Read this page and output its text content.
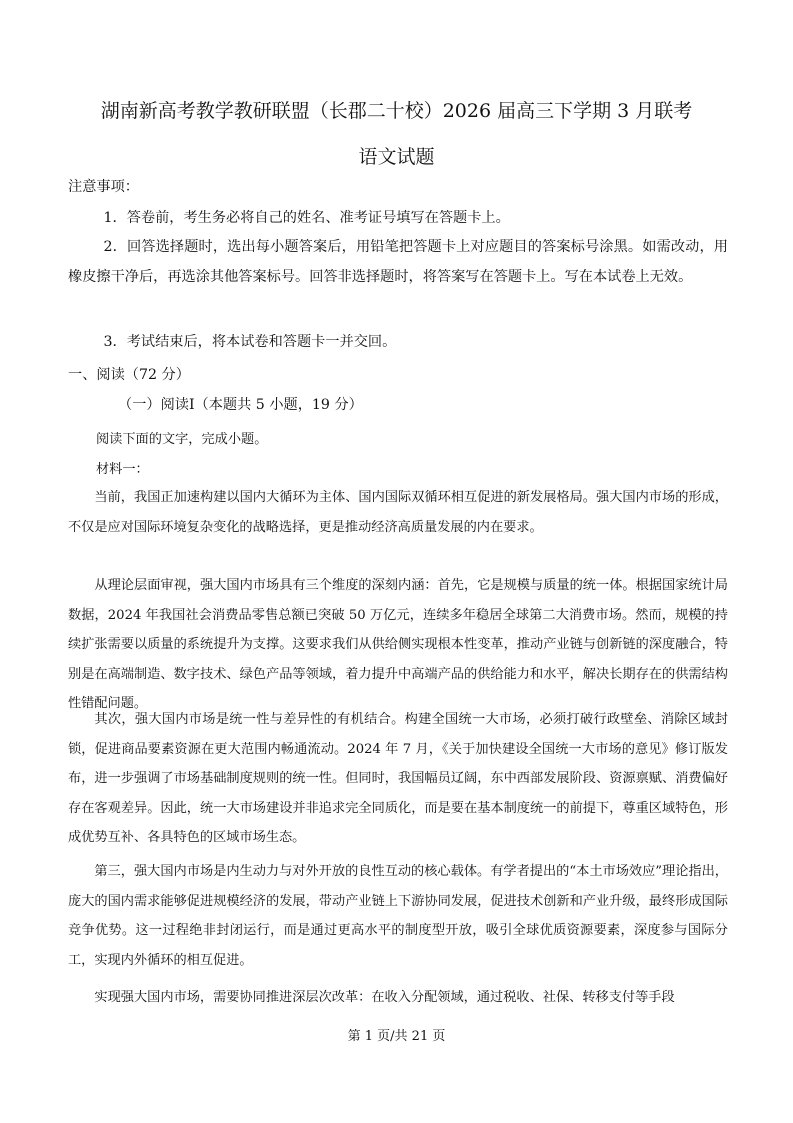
湖南新高考教学教研联盟（长郡二十校）2026 届高三下学期 3 月联考
语文试题
注意事项：
1．答卷前，考生务必将自己的姓名、准考证号填写在答题卡上。
2．回答选择题时，选出每小题答案后，用铅笔把答题卡上对应题目的答案标号涂黑。如需改动，用橡皮擦干净后，再选涂其他答案标号。回答非选择题时，将答案写在答题卡上。写在本试卷上无效。
3．考试结束后，将本试卷和答题卡一并交回。
一、阅读（72 分）
（一）阅读Ⅰ（本题共 5 小题，19 分）
阅读下面的文字，完成小题。
材料一：
当前，我国正加速构建以国内大循环为主体、国内国际双循环相互促进的新发展格局。强大国内市场的形成，不仅是应对国际环境复杂变化的战略选择，更是推动经济高质量发展的内在要求。
从理论层面审视，强大国内市场具有三个维度的深刻内涵：首先，它是规模与质量的统一体。根据国家统计局数据，2024 年我国社会消费品零售总额已突破 50 万亿元，连续多年稳居全球第二大消费市场。然而，规模的持续扩张需要以质量的系统提升为支撑。这要求我们从供给侧实现根本性变革，推动产业链与创新链的深度融合，特别是在高端制造、数字技术、绿色产品等领域，着力提升中高端产品的供给能力和水平，解决长期存在的供需结构性错配问题。
其次，强大国内市场是统一性与差异性的有机结合。构建全国统一大市场，必须打破行政壁垒、消除区域封锁，促进商品要素资源在更大范围内畅通流动。2024 年 7 月，《关于加快建设全国统一大市场的意见》修订版发布，进一步强调了市场基础制度规则的统一性。但同时，我国幅员辽阔，东中西部发展阶段、资源禀赋、消费偏好存在客观差异。因此，统一大市场建设并非追求完全同质化，而是要在基本制度统一的前提下，尊重区域特色，形成优势互补、各具特色的区域市场生态。
第三，强大国内市场是内生动力与对外开放的良性互动的核心载体。有学者提出的“本土市场效应”理论指出，庞大的国内需求能够促进规模经济的发展，带动产业链上下游协同发展，促进技术创新和产业升级，最终形成国际竞争优势。这一过程绝非封闭运行，而是通过更高水平的制度型开放，吸引全球优质资源要素，深度参与国际分工，实现内外循环的相互促进。
实现强大国内市场，需要协同推进深层次改革：在收入分配领域，通过税收、社保、转移支付等手段
第 1 页/共 21 页
